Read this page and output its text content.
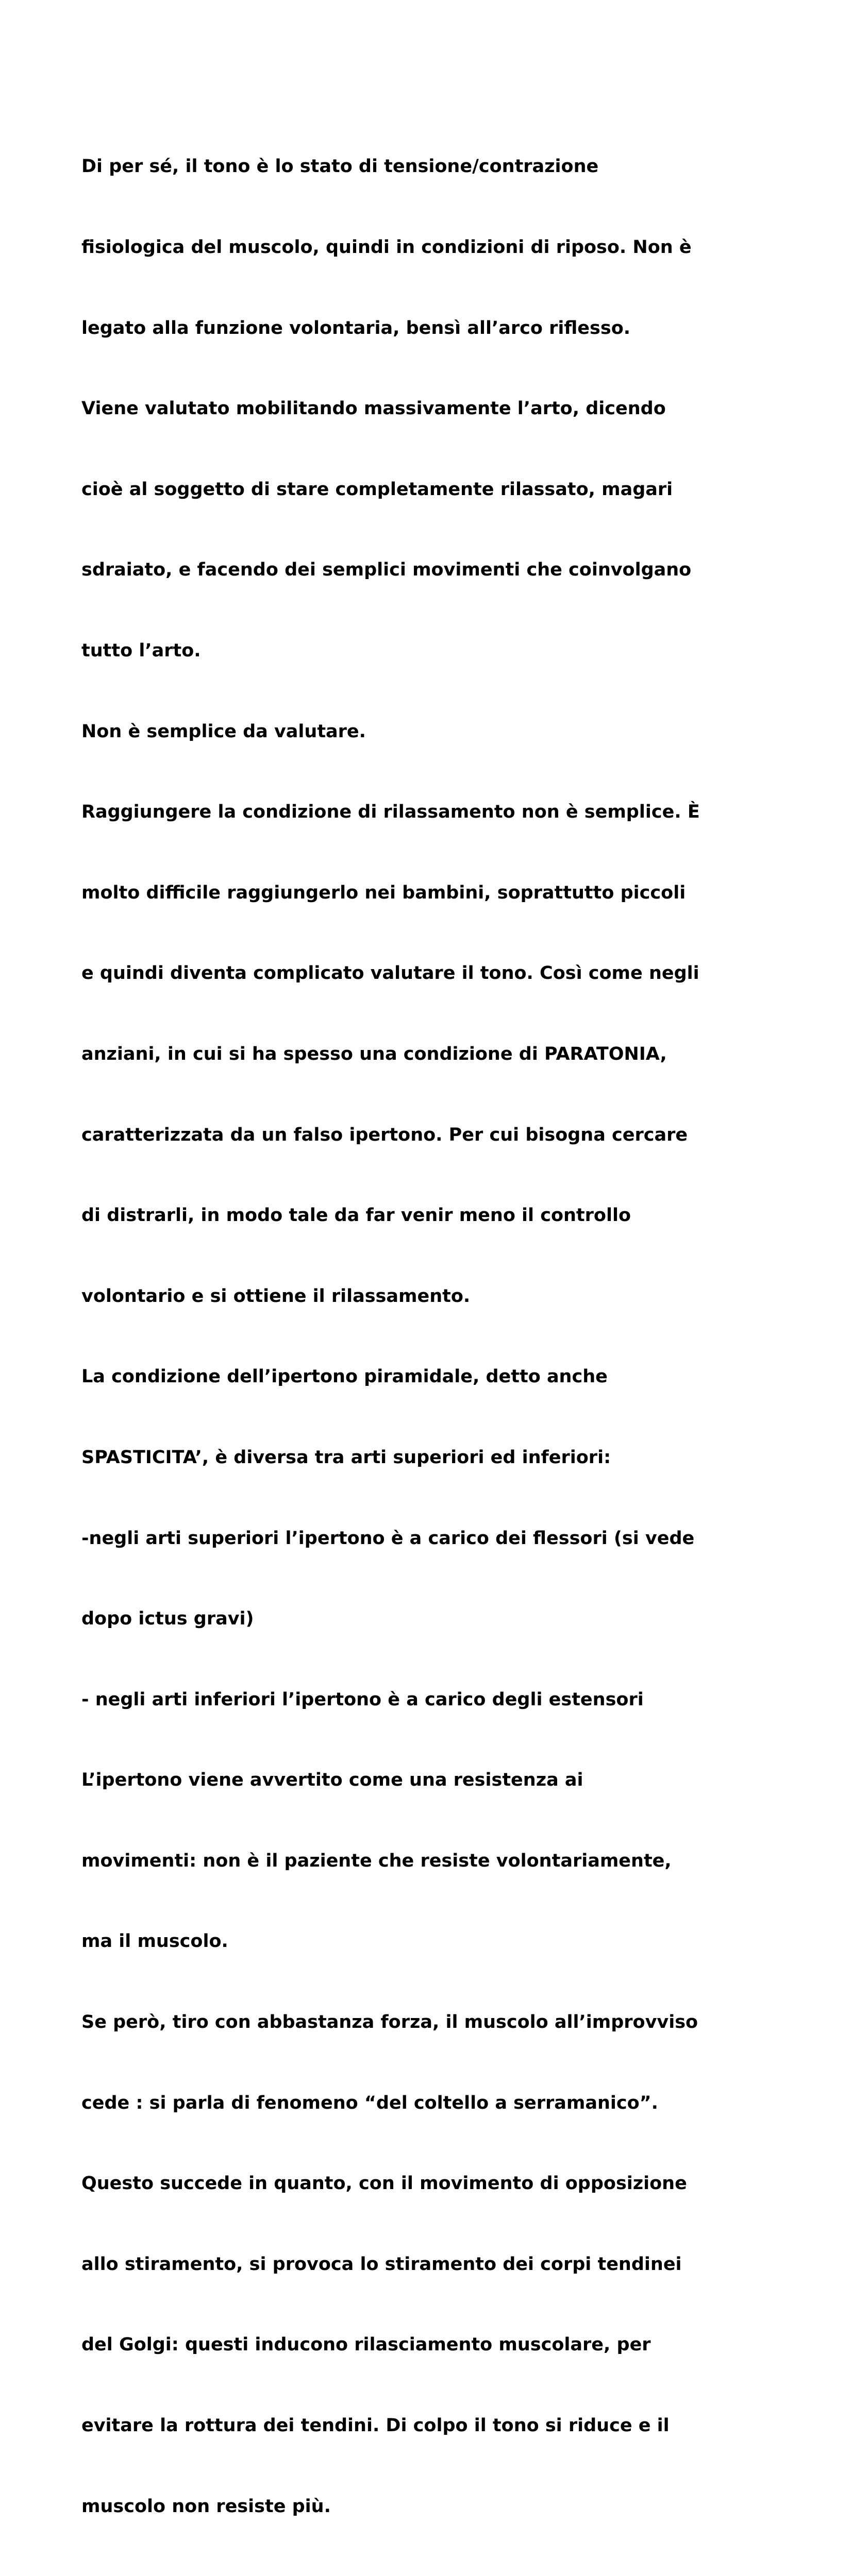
Di per sé, il tono è lo stato di tensione/contrazione

fisiologica del muscolo, quindi in condizioni di riposo. Non è

legato alla funzione volontaria, bensì all’arco riflesso.

Viene valutato mobilitando massivamente l’arto, dicendo

cioè al soggetto di stare completamente rilassato, magari

sdraiato, e facendo dei semplici movimenti che coinvolgano

tutto l’arto.

Non è semplice da valutare.

Raggiungere la condizione di rilassamento non è semplice. È

molto difficile raggiungerlo nei bambini, soprattutto piccoli

e quindi diventa complicato valutare il tono. Così come negli

anziani, in cui si ha spesso una condizione di PARATONIA,

caratterizzata da un falso ipertono. Per cui bisogna cercare

di distrarli, in modo tale da far venir meno il controllo

volontario e si ottiene il rilassamento.

La condizione dell’ipertono piramidale, detto anche

SPASTICITA’, è diversa tra arti superiori ed inferiori:

-negli arti superiori l’ipertono è a carico dei flessori (si vede

dopo ictus gravi)

- negli arti inferiori l’ipertono è a carico degli estensori

L’ipertono viene avvertito come una resistenza ai

movimenti: non è il paziente che resiste volontariamente,

ma il muscolo.

Se però, tiro con abbastanza forza, il muscolo all’improvviso

cede : si parla di fenomeno “del coltello a serramanico”.

Questo succede in quanto, con il movimento di opposizione

allo stiramento, si provoca lo stiramento dei corpi tendinei

del Golgi: questi inducono rilasciamento muscolare, per

evitare la rottura dei tendini. Di colpo il tono si riduce e il

muscolo non resiste più.
